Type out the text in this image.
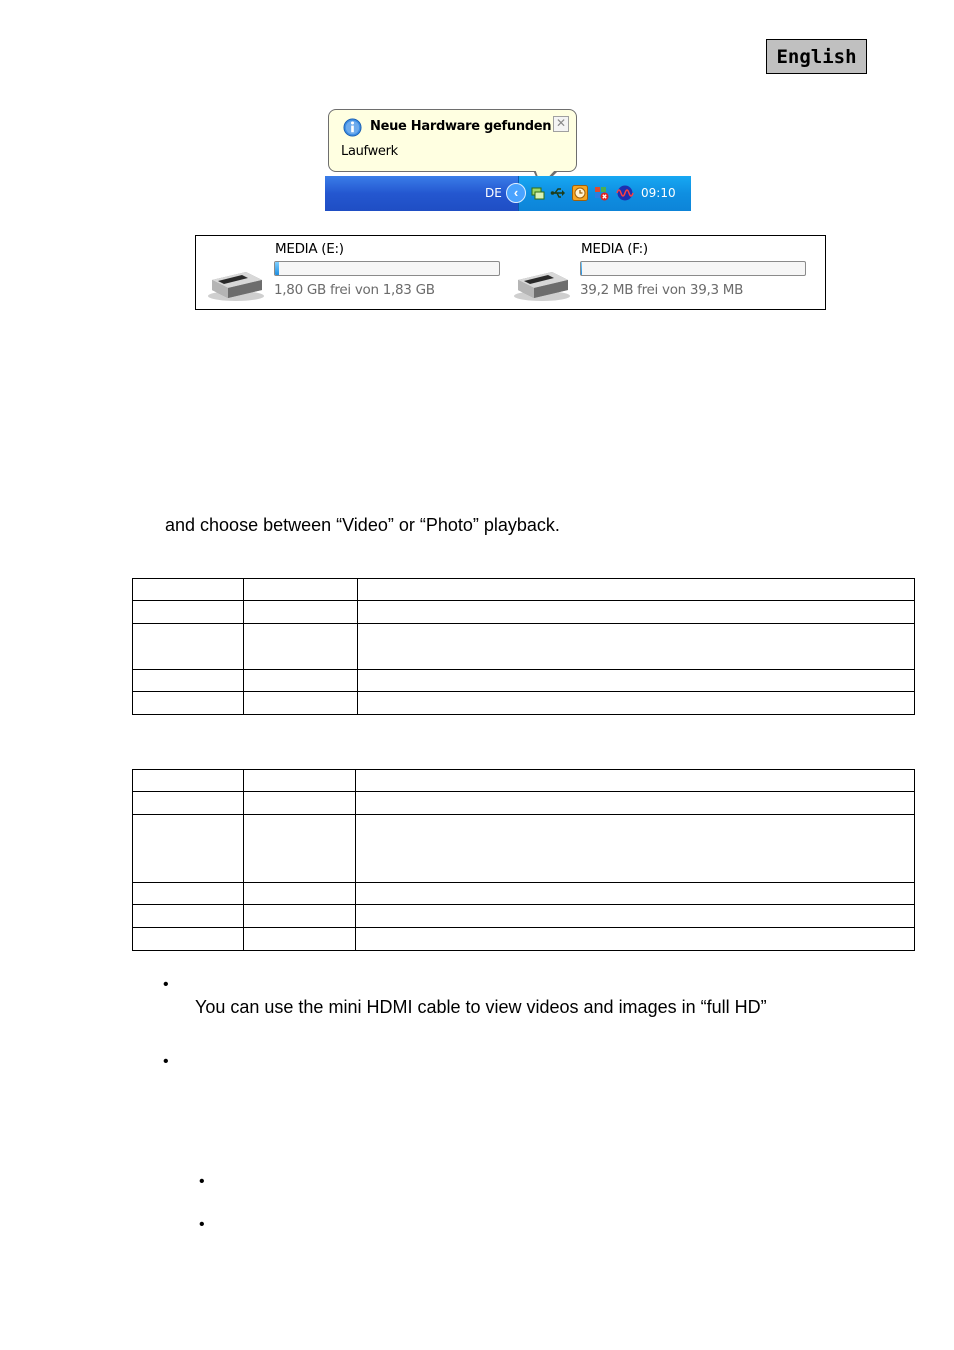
English
Neue Hardware gefunden
Laufwerk
✕
DE ‹	09:10
MEDIA (E:)
1,80 GB frei von 1,83 GB
MEDIA (F:)
39,2 MB frei von 39,3 MB
and choose between “Video” or “Photo” playback.

•
You can use the mini HDMI cable to view videos and images in “full HD”
•
•
•
